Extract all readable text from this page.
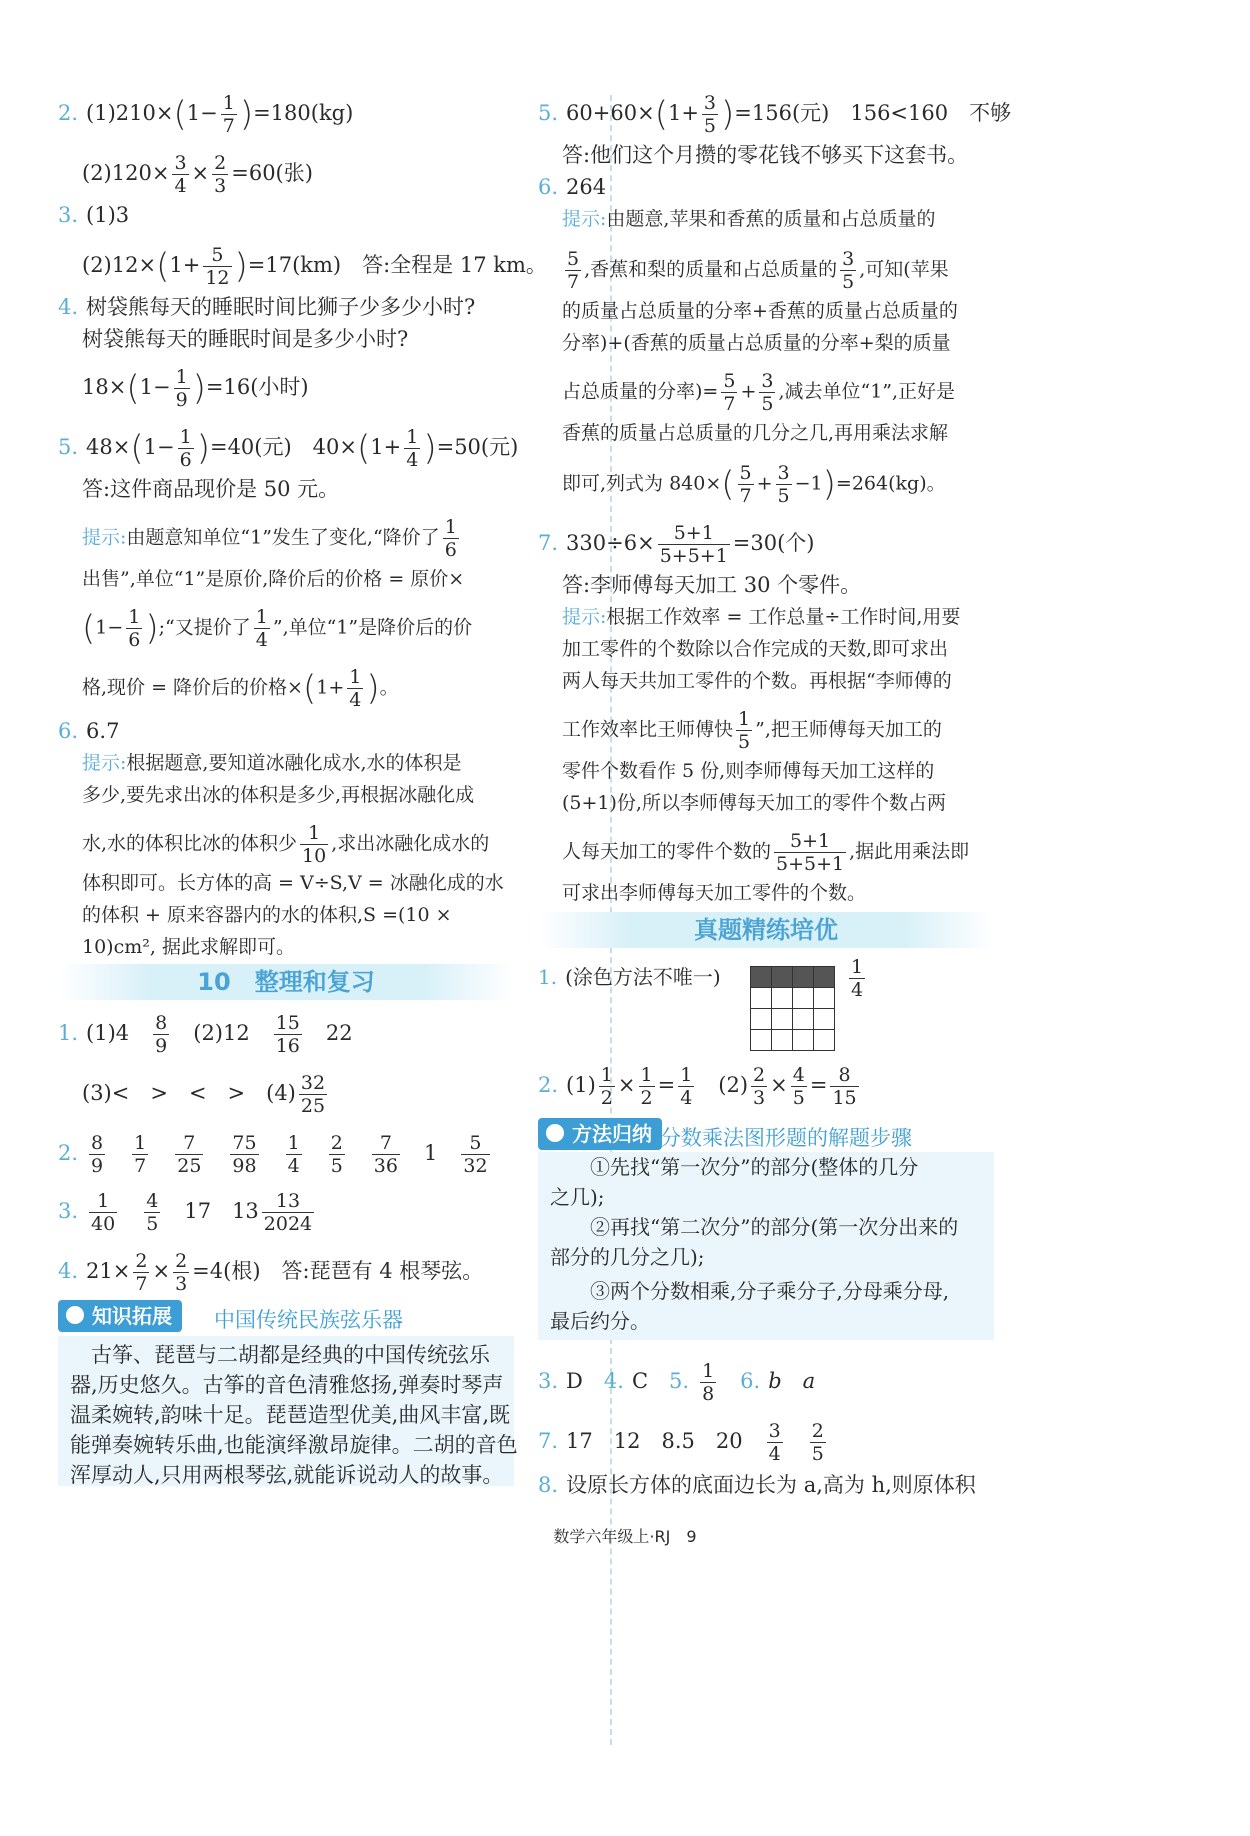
2. $(1)210\times(1- \frac{1}{7} )=180(kg)$
$(2)120\times \frac{3}{4} \times \frac{2}{3} =60$(张)
3. (1)3
$(2)12\times(1+ \frac{5}{12} )=17(km)$　答:全程是 17 km。
4. 树袋熊每天的睡眠时间比狮子少多少小时?
树袋熊每天的睡眠时间是多少小时?
$18\times(1- \frac{1}{9} )=16$(小时)
5. $48\times(1- \frac{1}{6} )=40$(元)　$40\times(1+ \frac{1}{4} )=50$(元)
答:这件商品现价是 50 元。
提示:由题意知单位“1”发生了变化,“降价了 $\frac{1}{6}$
出售”,单位“1”是原价,降价后的价格 = 原价×
($1- \frac{1}{6}$ );“又提价了 $\frac{1}{4}$ ”,单位“1”是降价后的价
格,现价 = 降价后的价格$\times(1+ \frac{1}{4}$ )。
6. 6.7
提示:根据题意,要知道冰融化成水,水的体积是
多少,要先求出冰的体积是多少,再根据冰融化成
水,水的体积比冰的体积少 $\frac{1}{10}$ ,求出冰融化成水的
体积即可。长方体的高 = V÷S,V = 冰融化成的水
的体积 + 原来容器内的水的体积,S =(10 ×
10)cm², 据此求解即可。
10　整理和复习
1. (1)4　 $\frac{8}{9}$
　 (2)12　 $\frac{15}{16}$
　 22
(3)<　>　<　>　$(4) \frac{32}{25}$
2. $\frac{8}{9}$
　 $\frac{1}{7}$
　 $\frac{7}{25}$
　 $\frac{75}{98}$
　 $\frac{1}{4}$
　 $\frac{2}{5}$
　 $\frac{7}{36}$
　 1　 $\frac{5}{32}$
3. $\frac{1}{40}$
　 $\frac{4}{5}$
　 17　 $13 \frac{13}{2024}$
4. $21\times \frac{2}{7} \times \frac{2}{3} =4$(根)　答:琵琶有 4 根琴弦。
知识拓展	中国传统民族弦乐器
　古筝、琵琶与二胡都是经典的中国传统弦乐
器,历史悠久。古筝的音色清雅悠扬,弹奏时琴声
温柔婉转,韵味十足。琵琶造型优美,曲风丰富,既
能弹奏婉转乐曲,也能演绎激昂旋律。二胡的音色
浑厚动人,只用两根琴弦,就能诉说动人的故事。
5. $60+60\times(1+ \frac{3}{5} )=156$(元)　156<160　不够
答:他们这个月攒的零花钱不够买下这套书。
6. 264
提示:由题意,苹果和香蕉的质量和占总质量的
$\frac{5}{7}$ ,香蕉和梨的质量和占总质量的 $\frac{3}{5}$ ,可知(苹果
的质量占总质量的分率+香蕉的质量占总质量的
分率)+(香蕉的质量占总质量的分率+梨的质量
占总质量的分率)= $\frac{5}{7} + \frac{3}{5}$ ,减去单位“1”,正好是
香蕉的质量占总质量的几分之几,再用乘法求解
即可,列式为 $840\times( \frac{5}{7} + \frac{3}{5} -1)=264(kg)$。
7. $330\div 6\times \frac{5+1}{5+5+1} =30$(个)
答:李师傅每天加工 30 个零件。
提示:根据工作效率 = 工作总量÷工作时间,用要
加工零件的个数除以合作完成的天数,即可求出
两人每天共加工零件的个数。再根据“李师傅的
工作效率比王师傅快 $\frac{1}{5}$ ”,把王师傅每天加工的
零件个数看作 5 份,则李师傅每天加工这样的
(5+1)份,所以李师傅每天加工的零件个数占两
人每天加工的零件个数的 $\frac{5+1}{5+5+1}$ ,据此用乘法即
可求出李师傅每天加工零件的个数。
真题精练培优
1. (涂色方法不唯一)

				$\frac{1}{4}$
2. $(1) \frac{1}{2} \times \frac{1}{2} = \frac{1}{4}$
　 $(2) \frac{2}{3} \times \frac{4}{5} = \frac{8}{15}$
方法归纳 分数乘法图形题的解题步骤
　　①先找“第一次分”的部分(整体的几分
之几);
　　②再找“第二次分”的部分(第一次分出来的
部分的几分之几);
　　③两个分数相乘,分子乘分子,分母乘分母,
最后约分。
3. D　 4. C　 5. $\frac{1}{8}$
　 6. b　a
7. 17　12　8.5　20　 $\frac{3}{4}$
　 $\frac{2}{5}$
8. 设原长方体的底面边长为 a,高为 h,则原体积
数学六年级上·RJ　 9
